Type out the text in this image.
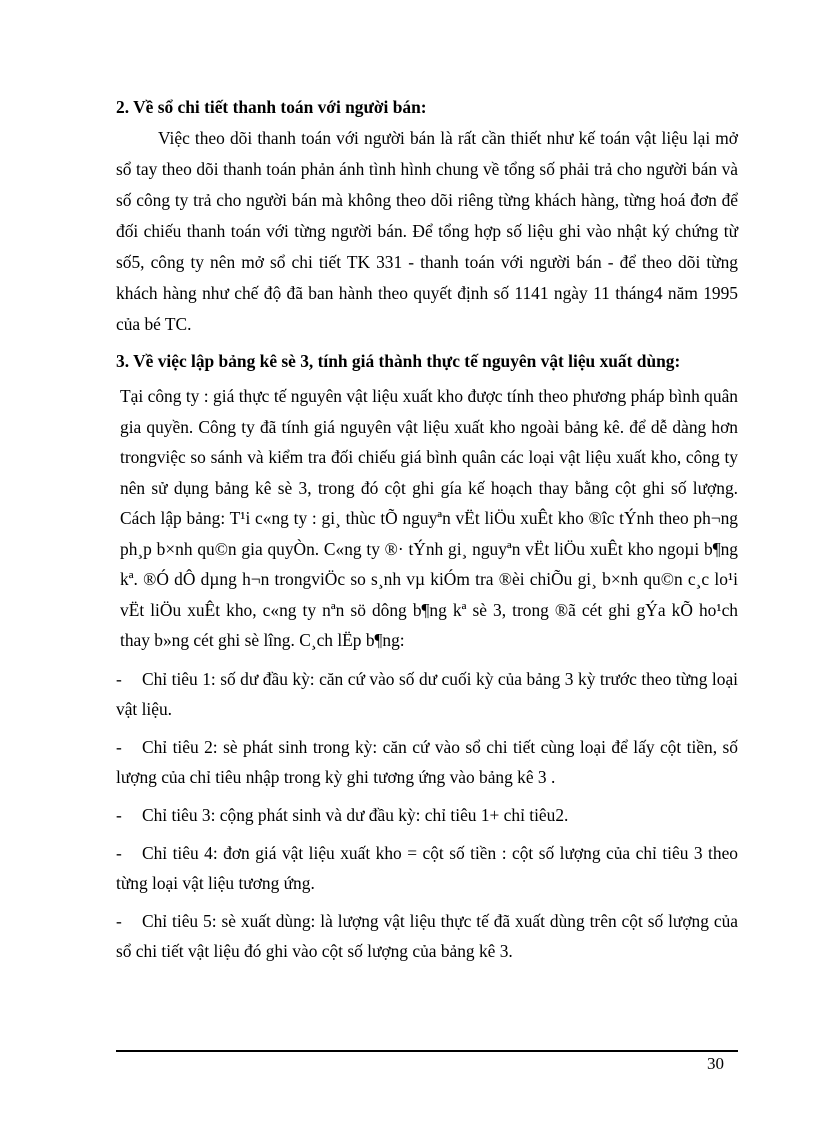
2. Về sổ chi tiết thanh toán với người bán:

Việc theo dõi thanh toán với người bán là rất cần thiết như kế toán vật liệu lại mở sổ tay theo dõi thanh toán phản ánh tình hình chung về tổng số phải trả cho người bán và số công ty trả cho người bán mà không theo dõi riêng từng khách hàng, từng hoá đơn để đối chiếu thanh toán với từng người bán. Để tổng hợp số liệu ghi vào nhật ký chứng từ số5, công ty nên mở sổ chi tiết TK 331 - thanh toán với người bán - để theo dõi từng khách hàng như chế độ đã ban hành theo quyết định số 1141 ngày 11 tháng4 năm 1995 của bé TC.

3. Về việc lập bảng kê sè 3, tính giá thành thực tế nguyên vật liệu xuất dùng:

Tại công ty : giá thực tế nguyên vật liệu xuất kho được tính theo phương pháp bình quân gia quyền. Công ty đã tính giá nguyên vật liệu xuất kho ngoài bảng kê. để dễ dàng hơn trongviệc so sánh và kiểm tra đối chiếu giá bình quân các loại vật liệu xuất kho, công ty nên sử dụng bảng kê sè 3, trong đó cột ghi gía kế hoạch thay bằng cột ghi số lượng. Cách lập bảng: T¹i c«ng ty : gi¸ thùc tÕ nguyªn vËt liÖu xuÊt kho ®îc tÝnh theo ph¬ng ph¸p b×nh qu©n gia quyÒn. C«ng ty ®· tÝnh gi¸ nguyªn vËt liÖu xuÊt kho ngoµi b¶ng kª. ®Ó dÔ dµng h¬n trongviÖc so s¸nh vµ kiÓm tra ®èi chiÕu gi¸ b×nh qu©n c¸c lo¹i vËt liÖu xuÊt kho, c«ng ty nªn sö dông b¶ng kª sè 3, trong ®ã cét ghi gÝa kÕ ho¹ch thay b»ng cét ghi sè lîng. C¸ch lËp b¶ng:

- Chỉ tiêu 1: số dư đầu kỳ: căn cứ vào số dư cuối kỳ của bảng 3 kỳ trước theo từng loại vật liệu.

- Chỉ tiêu 2: sè phát sinh trong kỳ: căn cứ vào sổ chi tiết cùng loại để lấy cột tiền, số lượng của chỉ tiêu nhập trong kỳ ghi tương ứng vào bảng kê 3 .

- Chỉ tiêu 3: cộng phát sinh và dư đầu kỳ: chỉ tiêu 1+ chỉ tiêu2.

- Chỉ tiêu 4: đơn giá vật liệu xuất kho = cột số tiền : cột số lượng của chỉ tiêu 3 theo từng loại vật liệu tương ứng.

- Chỉ tiêu 5: sè xuất dùng: là lượng vật liệu thực tế đã xuất dùng trên cột số lượng của sổ chi tiết vật liệu đó ghi vào cột số lượng của bảng kê 3.

30
